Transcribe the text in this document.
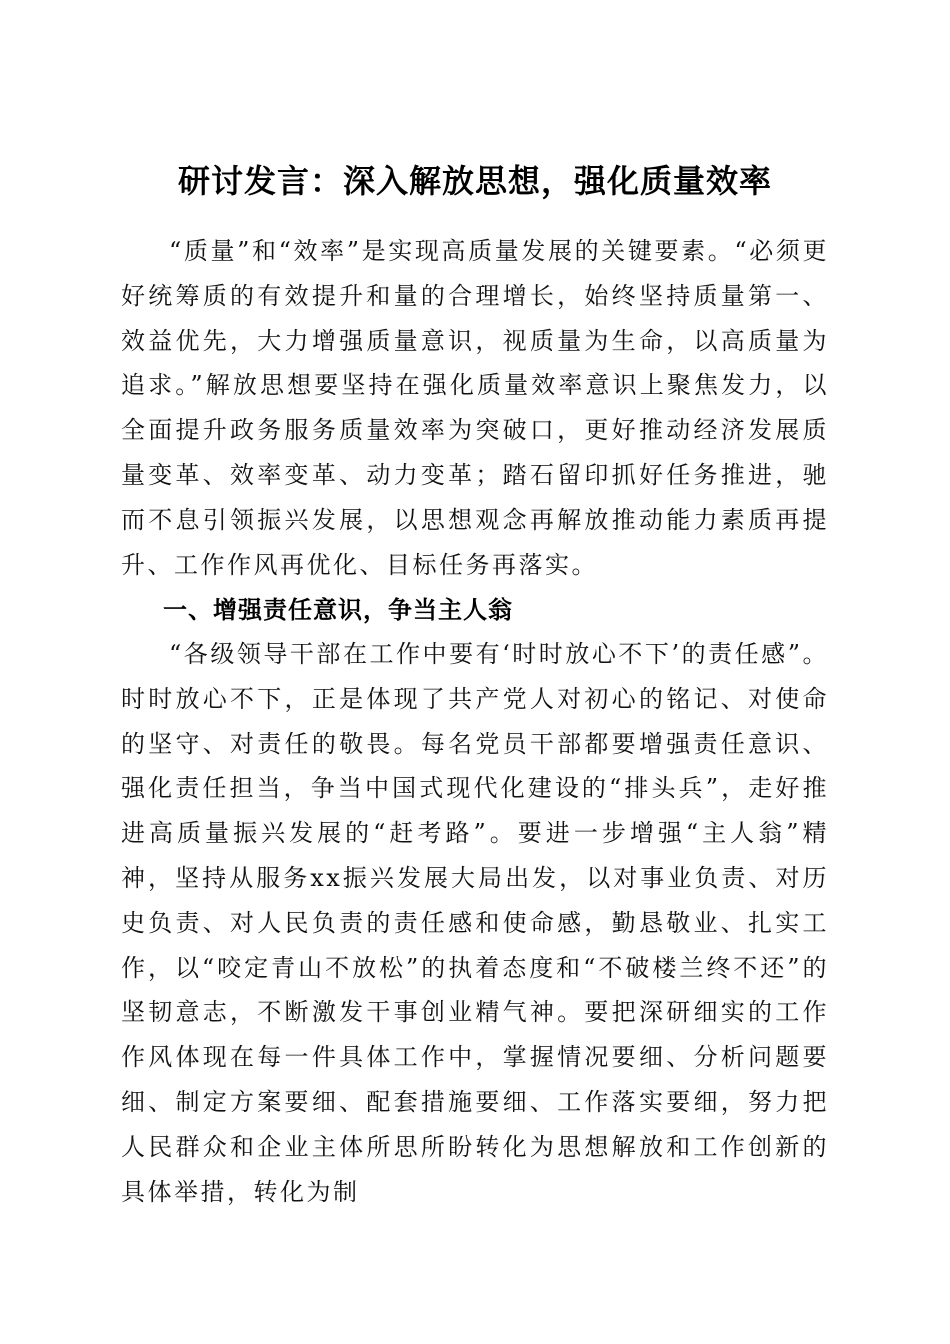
研讨发言：深入解放思想，强化质量效率

“质量”和“效率”是实现高质量发展的关键要素。“必须更好统筹质的有效提升和量的合理增长，始终坚持质量第一、效益优先，大力增强质量意识，视质量为生命，以高质量为追求。”解放思想要坚持在强化质量效率意识上聚焦发力，以全面提升政务服务质量效率为突破口，更好推动经济发展质量变革、效率变革、动力变革；踏石留印抓好任务推进，驰而不息引领振兴发展，以思想观念再解放推动能力素质再提升、工作作风再优化、目标任务再落实。

一、增强责任意识，争当主人翁

“各级领导干部在工作中要有‘时时放心不下’的责任感”。时时放心不下，正是体现了共产党人对初心的铭记、对使命的坚守、对责任的敬畏。每名党员干部都要增强责任意识、强化责任担当，争当中国式现代化建设的“排头兵”，走好推进高质量振兴发展的“赶考路”。要进一步增强“主人翁”精神，坚持从服务xx振兴发展大局出发，以对事业负责、对历史负责、对人民负责的责任感和使命感，勤恳敬业、扎实工作，以“咬定青山不放松”的执着态度和“不破楼兰终不还”的坚韧意志，不断激发干事创业精气神。要把深研细实的工作作风体现在每一件具体工作中，掌握情况要细、分析问题要细、制定方案要细、配套措施要细、工作落实要细，努力把人民群众和企业主体所思所盼转化为思想解放和工作创新的具体举措，转化为制
